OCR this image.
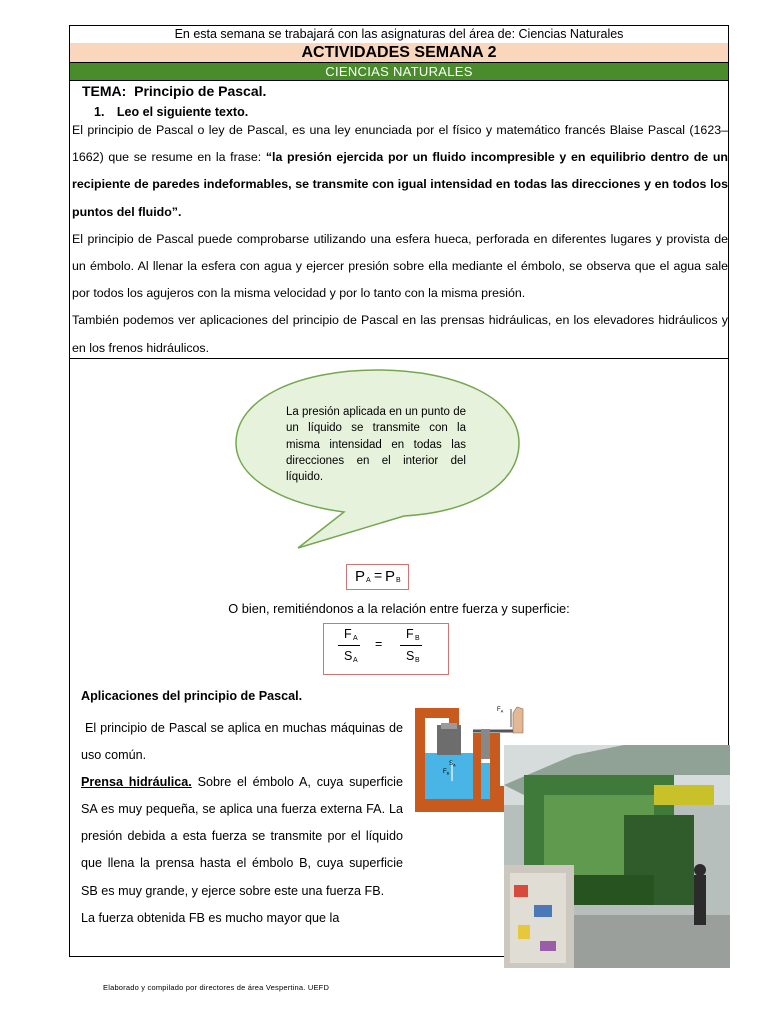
En esta semana se trabajará con las asignaturas del área de: Ciencias Naturales
ACTIVIDADES SEMANA 2
CIENCIAS NATURALES
TEMA: Principio de Pascal.
1. Leo el siguiente texto.

El principio de Pascal o ley de Pascal, es una ley enunciada por el físico y matemático francés Blaise Pascal (1623–1662) que se resume en la frase: “la presión ejercida por un fluido incompresible y en equilibrio dentro de un recipiente de paredes indeformables, se transmite con igual intensidad en todas las direcciones y en todos los puntos del fluido”.

El principio de Pascal puede comprobarse utilizando una esfera hueca, perforada en diferentes lugares y provista de un émbolo. Al llenar la esfera con agua y ejercer presión sobre ella mediante el émbolo, se observa que el agua sale por todos los agujeros con la misma velocidad y por lo tanto con la misma presión.

También podemos ver aplicaciones del principio de Pascal en las prensas hidráulicas, en los elevadores hidráulicos y en los frenos hidráulicos.

La presión aplicada en un punto de un líquido se transmite con la misma intensidad en todas las direcciones en el interior del líquido.
P A = P B
O bien, remitiéndonos a la relación entre fuerza y superficie:
F A
S A
=
F B
S B
Aplicaciones del principio de Pascal.
El principio de Pascal se aplica en muchas máquinas de uso común.
Prensa hidráulica. Sobre el émbolo A, cuya superficie SA es muy pequeña, se aplica una fuerza externa FA. La presión debida a esta fuerza se transmite por el líquido que llena la prensa hasta el émbolo B, cuya superficie SB es muy grande, y ejerce sobre este una fuerza FB.
La fuerza obtenida FB es mucho mayor que la
$F_A$
$F_B$
$S_A$
Elaborado y compilado por directores de área Vespertina. UEFD
